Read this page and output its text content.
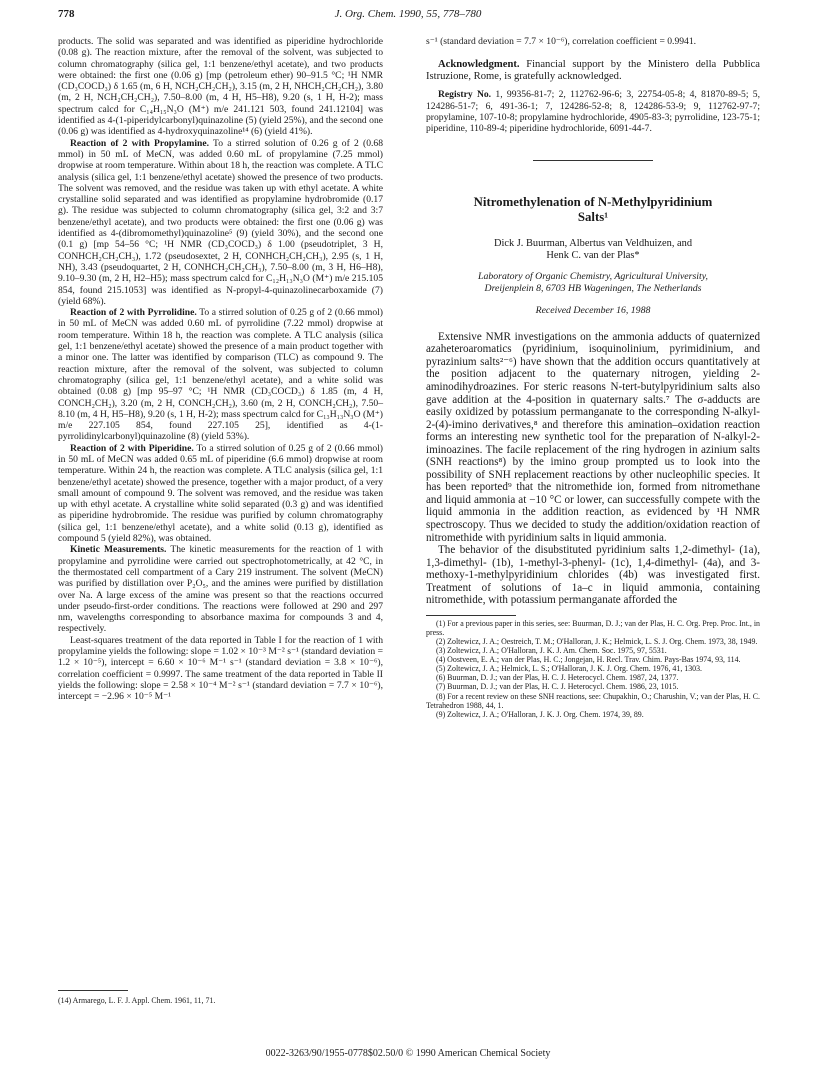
778	J. Org. Chem. 1990, 55, 778–780

products. The solid was separated and was identified as piperidine hydrochloride (0.08 g). The reaction mixture, after the removal of the solvent, was subjected to column chromatography (silica gel, 1:1 benzene/ethyl acetate), and two products were obtained: the first one (0.06 g) [mp (petroleum ether) 90–91.5 °C; ¹H NMR (CD₃COCD₃) δ 1.65 (m, 6 H, NCH₂CH₂CH₂), 3.15 (m, 2 H, NHCH₂CH₂CH₂), 3.80 (m, 2 H, NCH₂CH₂CH₂), 7.50–8.00 (m, 4 H, H5–H8), 9.20 (s, 1 H, H-2); mass spectrum calcd for C₁₄H₁₅N₃O (M⁺) m/e 241.121 503, found 241.12104] was identified as 4-(1-piperidylcarbonyl)quinazoline (5) (yield 25%), and the second one (0.06 g) was identified as 4-hydroxyquinazoline¹⁴ (6) (yield 41%).

Reaction of 2 with Propylamine. To a stirred solution of 0.26 g of 2 (0.68 mmol) in 50 mL of MeCN, was added 0.60 mL of propylamine (7.25 mmol) dropwise at room temperature. Within about 18 h, the reaction was complete. A TLC analysis (silica gel, 1:1 benzene/ethyl acetate) showed the presence of two products. The solvent was removed, and the residue was taken up with ethyl acetate. A white crystalline solid separated and was identified as propylamine hydrobromide (0.17 g). The residue was subjected to column chromatography (silica gel, 3:2 and 3:7 benzene/ethyl acetate), and two products were obtained: the first one (0.06 g) was identified as 4-(dibromomethyl)quinazoline⁵ (9) (yield 30%), and the second one (0.1 g) [mp 54–56 °C; ¹H NMR (CD₃COCD₃) δ 1.00 (pseudotriplet, 3 H, CONHCH₂CH₂CH₃), 1.72 (pseudosextet, 2 H, CONHCH₂CH₂CH₃), 2.95 (s, 1 H, NH), 3.43 (pseudoquartet, 2 H, CONHCH₂CH₂CH₃), 7.50–8.00 (m, 3 H, H6–H8), 9.10–9.30 (m, 2 H, H2–H5); mass spectrum calcd for C₁₂H₁₃N₃O (M⁺) m/e 215.105 854, found 215.1053] was identified as N-propyl-4-quinazolinecarboxamide (7) (yield 68%).

Reaction of 2 with Pyrrolidine. To a stirred solution of 0.25 g of 2 (0.66 mmol) in 50 mL of MeCN was added 0.60 mL of pyrrolidine (7.22 mmol) dropwise at room temperature. Within 18 h, the reaction was complete. A TLC analysis (silica gel, 1:1 benzene/ethyl acetate) showed the presence of a main product together with a minor one. The latter was identified by comparison (TLC) as compound 9. The reaction mixture, after the removal of the solvent, was subjected to column chromatography (silica gel, 1:1 benzene/ethyl acetate), and a white solid was obtained (0.08 g) [mp 95–97 °C; ¹H NMR (CD₃COCD₃) δ 1.85 (m, 4 H, CONCH₂CH₂), 3.20 (m, 2 H, CONCH₂CH₂), 3.60 (m, 2 H, CONCH₂CH₂), 7.50–8.10 (m, 4 H, H5–H8), 9.20 (s, 1 H, H-2); mass spectrum calcd for C₁₃H₁₃N₃O (M⁺) m/e 227.105 854, found 227.105 25], identified as 4-(1-pyrrolidinylcarbonyl)quinazoline (8) (yield 53%).

Reaction of 2 with Piperidine. To a stirred solution of 0.25 g of 2 (0.66 mmol) in 50 mL of MeCN was added 0.65 mL of piperidine (6.6 mmol) dropwise at room temperature. Within 24 h, the reaction was complete. A TLC analysis (silica gel, 1:1 benzene/ethyl acetate) showed the presence, together with a major product, of a very small amount of compound 9. The solvent was removed, and the residue was taken up with ethyl acetate. A crystalline white solid separated (0.3 g) and was identified as piperidine hydrobromide. The residue was purified by column chromatography (silica gel, 1:1 benzene/ethyl acetate), and a white solid (0.13 g), identified as compound 5 (yield 82%), was obtained.

Kinetic Measurements. The kinetic measurements for the reaction of 1 with propylamine and pyrrolidine were carried out spectrophotometrically, at 42 °C, in the thermostated cell compartment of a Cary 219 instrument. The solvent (MeCN) was purified by distillation over P₂O₅, and the amines were purified by distillation over Na. A large excess of the amine was present so that the reactions occurred under pseudo-first-order conditions. The reactions were followed at 290 and 297 nm, wavelengths corresponding to absorbance maxima for compounds 3 and 4, respectively.

Least-squares treatment of the data reported in Table I for the reaction of 1 with propylamine yields the following: slope = 1.02 × 10⁻³ M⁻² s⁻¹ (standard deviation = 1.2 × 10⁻⁵), intercept = 6.60 × 10⁻⁶ M⁻¹ s⁻¹ (standard deviation = 3.8 × 10⁻⁶), correlation coefficient = 0.9997. The same treatment of the data reported in Table II yields the following: slope = 2.58 × 10⁻⁴ M⁻² s⁻¹ (standard deviation = 7.7 × 10⁻⁶), intercept = −2.96 × 10⁻⁵ M⁻¹

(14) Armarego, L. F. J. Appl. Chem. 1961, 11, 71.

s⁻¹ (standard deviation = 7.7 × 10⁻⁶), correlation coefficient = 0.9941.

Acknowledgment. Financial support by the Ministero della Pubblica Istruzione, Rome, is gratefully acknowledged.

Registry No. 1, 99356-81-7; 2, 112762-96-6; 3, 22754-05-8; 4, 81870-89-5; 5, 124286-51-7; 6, 491-36-1; 7, 124286-52-8; 8, 124286-53-9; 9, 112762-97-7; propylamine, 107-10-8; propylamine hydrochloride, 4905-83-3; pyrrolidine, 123-75-1; piperidine, 110-89-4; piperidine hydrochloride, 6091-44-7.

Nitromethylenation of N-Methylpyridinium Salts¹
Dick J. Buurman, Albertus van Veldhuizen, and
Henk C. van der Plas*
Laboratory of Organic Chemistry, Agricultural University,
Dreijenplein 8, 6703 HB Wageningen, The Netherlands
Received December 16, 1988

Extensive NMR investigations on the ammonia adducts of quaternized azaheteroaromatics (pyridinium, isoquinolinium, pyrimidinium, and pyrazinium salts²⁻⁶) have shown that the addition occurs quantitatively at the position adjacent to the quaternary nitrogen, yielding 2-aminodihydroazines. For steric reasons N-tert-butylpyridinium salts also gave addition at the 4-position in quaternary salts.⁷ The σ-adducts are easily oxidized by potassium permanganate to the corresponding N-alkyl-2-(4)-imino derivatives,⁸ and therefore this amination–oxidation reaction forms an interesting new synthetic tool for the preparation of N-alkyl-2-iminoazines. The facile replacement of the ring hydrogen in azinium salts (SNH reactions⁸) by the imino group prompted us to look into the possibility of SNH replacement reactions by other nucleophilic species. It has been reported⁹ that the nitromethide ion, formed from nitromethane and liquid ammonia at −10 °C or lower, can successfully compete with the liquid ammonia in the addition reaction, as evidenced by ¹H NMR spectroscopy. Thus we decided to study the addition/oxidation reaction of nitromethide with pyridinium salts in liquid ammonia.

The behavior of the disubstituted pyridinium salts 1,2-dimethyl- (1a), 1,3-dimethyl- (1b), 1-methyl-3-phenyl- (1c), 1,4-dimethyl- (4a), and 3-methoxy-1-methylpyridinium chlorides (4b) was investigated first. Treatment of solutions of 1a–c in liquid ammonia, containing nitromethide, with potassium permanganate afforded the

(1) For a previous paper in this series, see: Buurman, D. J.; van der Plas, H. C. Org. Prep. Proc. Int., in press.

(2) Zoltewicz, J. A.; Oestreich, T. M.; O'Halloran, J. K.; Helmick, L. S. J. Org. Chem. 1973, 38, 1949.

(3) Zoltewicz, J. A.; O'Halloran, J. K. J. Am. Chem. Soc. 1975, 97, 5531.

(4) Oostveen, E. A.; van der Plas, H. C.; Jongejan, H. Recl. Trav. Chim. Pays-Bas 1974, 93, 114.

(5) Zoltewicz, J. A.; Helmick, L. S.; O'Halloran, J. K. J. Org. Chem. 1976, 41, 1303.

(6) Buurman, D. J.; van der Plas, H. C. J. Heterocycl. Chem. 1987, 24, 1377.

(7) Buurman, D. J.; van der Plas, H. C. J. Heterocycl. Chem. 1986, 23, 1015.

(8) For a recent review on these SNH reactions, see: Chupakhin, O.; Charushin, V.; van der Plas, H. C. Tetrahedron 1988, 44, 1.

(9) Zoltewicz, J. A.; O'Halloran, J. K. J. Org. Chem. 1974, 39, 89.

0022-3263/90/1955-0778$02.50/0 © 1990 American Chemical Society
